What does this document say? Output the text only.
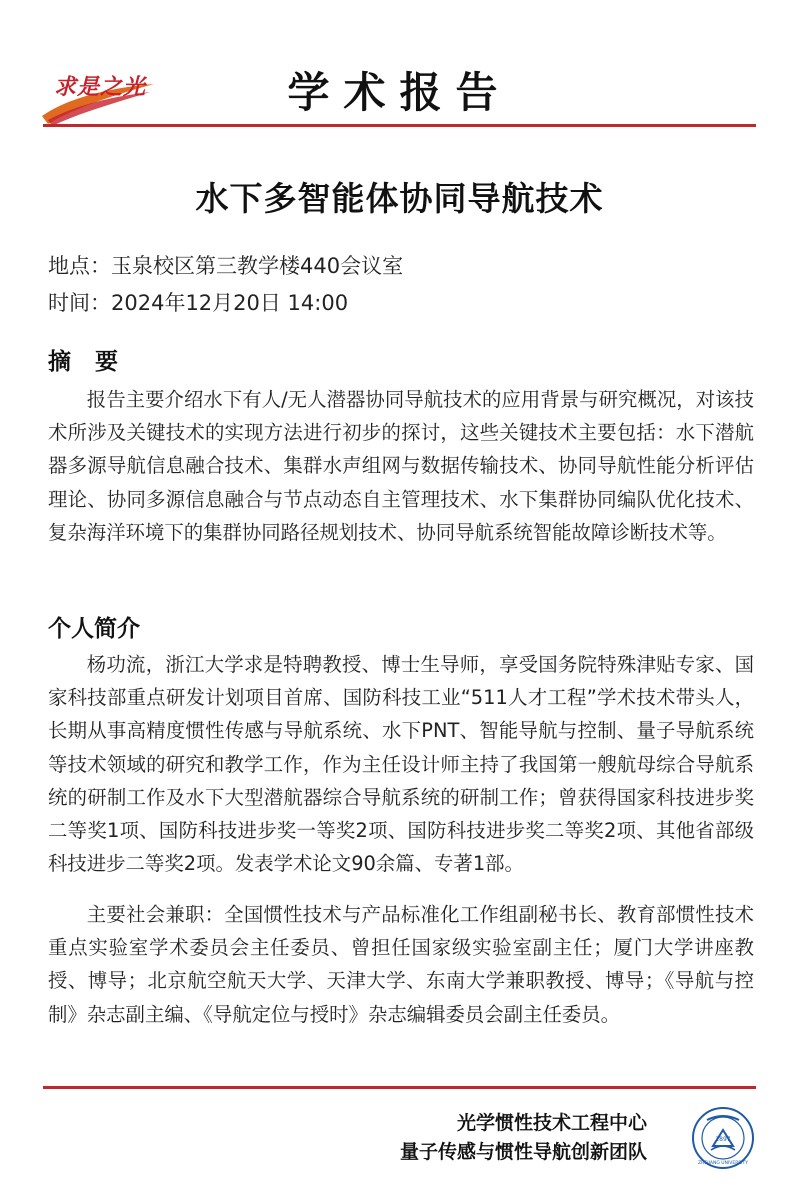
求是之光	学术报告
水下多智能体协同导航技术
地点：玉泉校区第三教学楼440会议室
时间：2024年12月20日 14:00
摘 要

报告主要介绍水下有人/无人潜器协同导航技术的应用背景与研究概况，对该技术所涉及关键技术的实现方法进行初步的探讨，这些关键技术主要包括：水下潜航器多源导航信息融合技术、集群水声组网与数据传输技术、协同导航性能分析评估理论、协同多源信息融合与节点动态自主管理技术、水下集群协同编队优化技术、复杂海洋环境下的集群协同路径规划技术、协同导航系统智能故障诊断技术等。

个人简介

杨功流，浙江大学求是特聘教授、博士生导师，享受国务院特殊津贴专家、国家科技部重点研发计划项目首席、国防科技工业“511人才工程”学术技术带头人，长期从事高精度惯性传感与导航系统、水下PNT、智能导航与控制、量子导航系统等技术领域的研究和教学工作，作为主任设计师主持了我国第一艘航母综合导航系统的研制工作及水下大型潜航器综合导航系统的研制工作；曾获得国家科技进步奖二等奖1项、国防科技进步奖一等奖2项、国防科技进步奖二等奖2项、其他省部级科技进步二等奖2项。发表学术论文90余篇、专著1部。

主要社会兼职：全国惯性技术与产品标准化工作组副秘书长、教育部惯性技术重点实验室学术委员会主任委员、曾担任国家级实验室副主任；厦门大学讲座教授、博导；北京航空航天大学、天津大学、东南大学兼职教授、博导；《导航与控制》杂志副主编、《导航定位与授时》杂志编辑委员会副主任委员。

光学惯性技术工程中心
量子传感与惯性导航创新团队
1897
ZHEJIANG UNIVERSITY
